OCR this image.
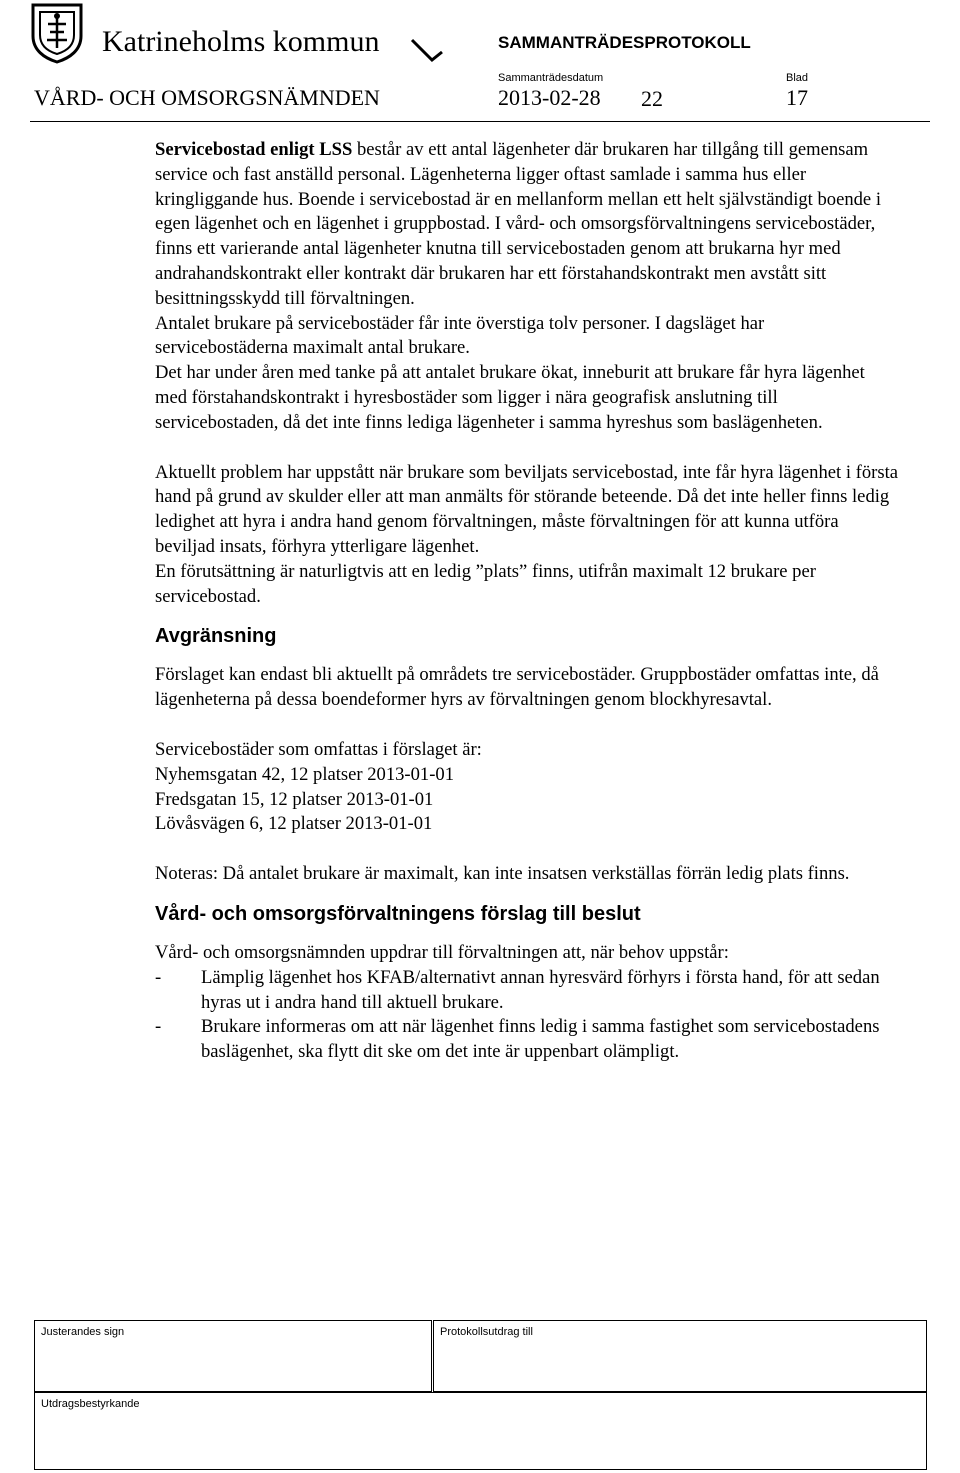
Katrineholms kommun	SAMMANTRÄDESPROTOKOLL
Sammanträdesdatum	Blad
VÅRD- OCH OMSORGSNÄMNDEN	2013-02-28 22	17

Servicebostad enligt LSS består av ett antal lägenheter där brukaren har tillgång till gemensam service och fast anställd personal. Lägenheterna ligger oftast samlade i samma hus eller kringliggande hus. Boende i servicebostad är en mellanform mellan ett helt självständigt boende i egen lägenhet och en lägenhet i gruppbostad. I vård- och omsorgsförvaltningens servicebostäder, finns ett varierande antal lägenheter knutna till servicebostaden genom att brukarna hyr med andrahandskontrakt eller kontrakt där brukaren har ett förstahandskontrakt men avstått sitt besittningsskydd till förvaltningen.

Antalet brukare på servicebostäder får inte överstiga tolv personer. I dagsläget har servicebostäderna maximalt antal brukare.

Det har under åren med tanke på att antalet brukare ökat, inneburit att brukare får hyra lägenhet med förstahandskontrakt i hyresbostäder som ligger i nära geografisk anslutning till servicebostaden, då det inte finns lediga lägenheter i samma hyreshus som baslägenheten.

Aktuellt problem har uppstått när brukare som beviljats servicebostad, inte får hyra lägenhet i första hand på grund av skulder eller att man anmälts för störande beteende. Då det inte heller finns ledig ledighet att hyra i andra hand genom förvaltningen, måste förvaltningen för att kunna utföra beviljad insats, förhyra ytterligare lägenhet.

En förutsättning är naturligtvis att en ledig ”plats” finns, utifrån maximalt 12 brukare per servicebostad.

Avgränsning

Förslaget kan endast bli aktuellt på områdets tre servicebostäder. Gruppbostäder omfattas inte, då lägenheterna på dessa boendeformer hyrs av förvaltningen genom blockhyresavtal.

Servicebostäder som omfattas i förslaget är:

Nyhemsgatan 42, 12 platser 2013-01-01

Fredsgatan 15, 12 platser 2013-01-01

Lövåsvägen 6, 12 platser 2013-01-01

Noteras: Då antalet brukare är maximalt, kan inte insatsen verkställas förrän ledig plats finns.

Vård- och omsorgsförvaltningens förslag till beslut

Vård- och omsorgsnämnden uppdrar till förvaltningen att, när behov uppstår:

-	Lämplig lägenhet hos KFAB/alternativt annan hyresvärd förhyrs i första hand, för att sedan hyras ut i andra hand till aktuell brukare.
-	Brukare informeras om att när lägenhet finns ledig i samma fastighet som servicebostadens baslägenhet, ska flytt dit ske om det inte är uppenbart olämpligt.
Justerandes sign	Protokollsutdrag till
Utdragsbestyrkande
